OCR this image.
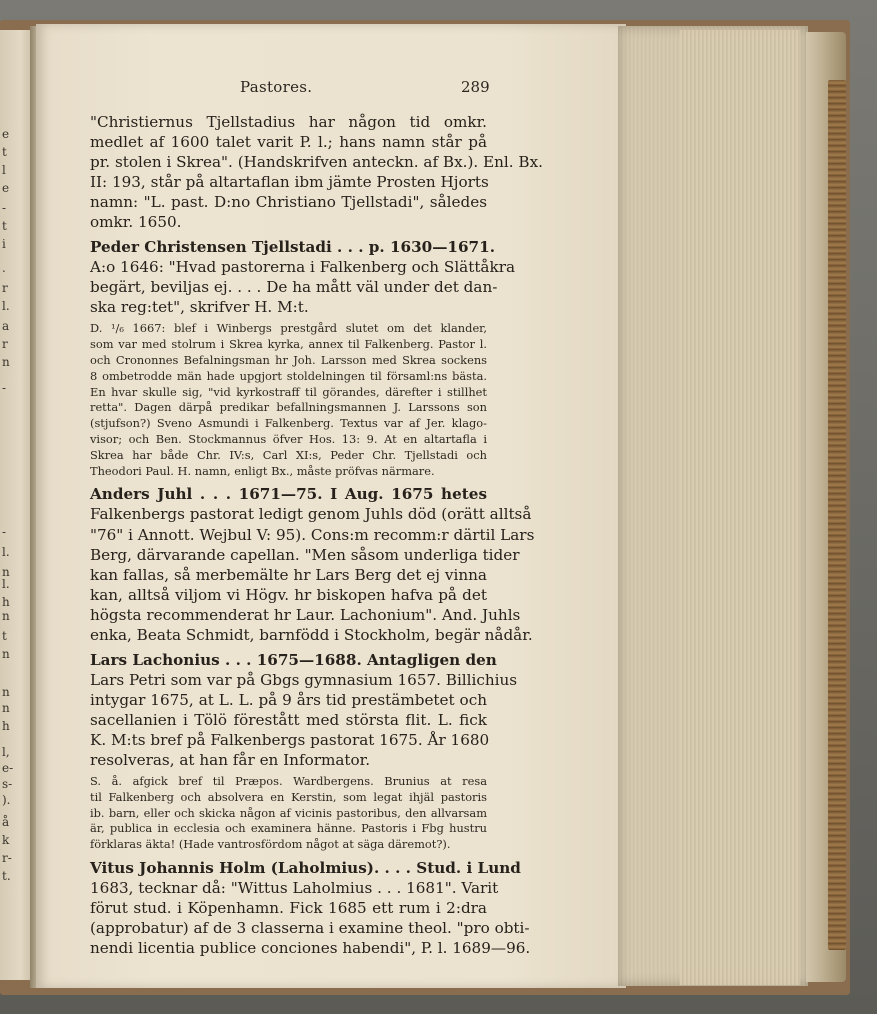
e
t
l
e
-
t
i
.
r
l.
a
r
n
-
-
l.
n
l.
h
n
t
n
n
n
h
l,
e-
s-
).
å
k
r-
t.
Pastores.	289
"Christiernus Tjellstadius har någon tid omkr.
medlet af 1600 talet varit P. l.; hans namn står på
pr. stolen i Skrea". (Handskrifven anteckn. af Bx.). Enl. Bx.
II: 193, står på altartaflan ibm jämte Prosten Hjorts
namn: "L. past. D:no Christiano Tjellstadi", således
omkr. 1650.
Peder Christensen Tjellstadi . . . p. 1630—1671.
A:o 1646: "Hvad pastorerna i Falkenberg och Slättåkra
begärt, beviljas ej. . . . De ha mått väl under det dan-
ska reg:tet", skrifver H. M:t.
D. ¹/₆ 1667: blef i Winbergs prestgård slutet om det klander,
som var med stolrum i Skrea kyrka, annex til Falkenberg. Pastor l.
och Crononnes Befalningsman hr Joh. Larsson med Skrea sockens
8 ombetrodde män hade upgjort stoldelningen til församl:ns bästa.
En hvar skulle sig, "vid kyrkostraff til görandes, därefter i stillhet
retta". Dagen därpå predikar befallningsmannen J. Larssons son
(stjufson?) Sveno Asmundi i Falkenberg. Textus var af Jer. klago-
visor; och Ben. Stockmannus öfver Hos. 13: 9. At en altartafla i
Skrea har både Chr. IV:s, Carl XI:s, Peder Chr. Tjellstadi och
Theodori Paul. H. namn, enligt Bx., måste pröfvas närmare.
Anders Juhl . . . 1671—75. I Aug. 1675 hetes
Falkenbergs pastorat ledigt genom Juhls död (orätt alltså
"76" i Annott. Wejbul V: 95). Cons:m recomm:r därtil Lars
Berg, därvarande capellan. "Men såsom underliga tider
kan fallas, så merbemälte hr Lars Berg det ej vinna
kan, alltså viljom vi Högv. hr biskopen hafva på det
högsta recommenderat hr Laur. Lachonium". And. Juhls
enka, Beata Schmidt, barnfödd i Stockholm, begär nådår.
Lars Lachonius . . . 1675—1688. Antagligen den
Lars Petri som var på Gbgs gymnasium 1657. Billichius
intygar 1675, at L. L. på 9 års tid prestämbetet och
sacellanien i Tölö förestått med största flit. L. fick
K. M:ts bref på Falkenbergs pastorat 1675. År 1680
resolveras, at han får en Informator.
S. å. afgick bref til Præpos. Wardbergens. Brunius at resa
til Falkenberg och absolvera en Kerstin, som legat ihjäl pastoris
ib. barn, eller och skicka någon af vicinis pastoribus, den allvarsam
är, publica in ecclesia och examinera hänne. Pastoris i Fbg hustru
förklaras äkta! (Hade vantrosfördom något at säga däremot?).
Vitus Johannis Holm (Laholmius). . . . Stud. i Lund
1683, tecknar då: "Wittus Laholmius . . . 1681". Varit
förut stud. i Köpenhamn. Fick 1685 ett rum i 2:dra
(approbatur) af de 3 classerna i examine theol. "pro obti-
nendi licentia publice conciones habendi", P. l. 1689—96.
